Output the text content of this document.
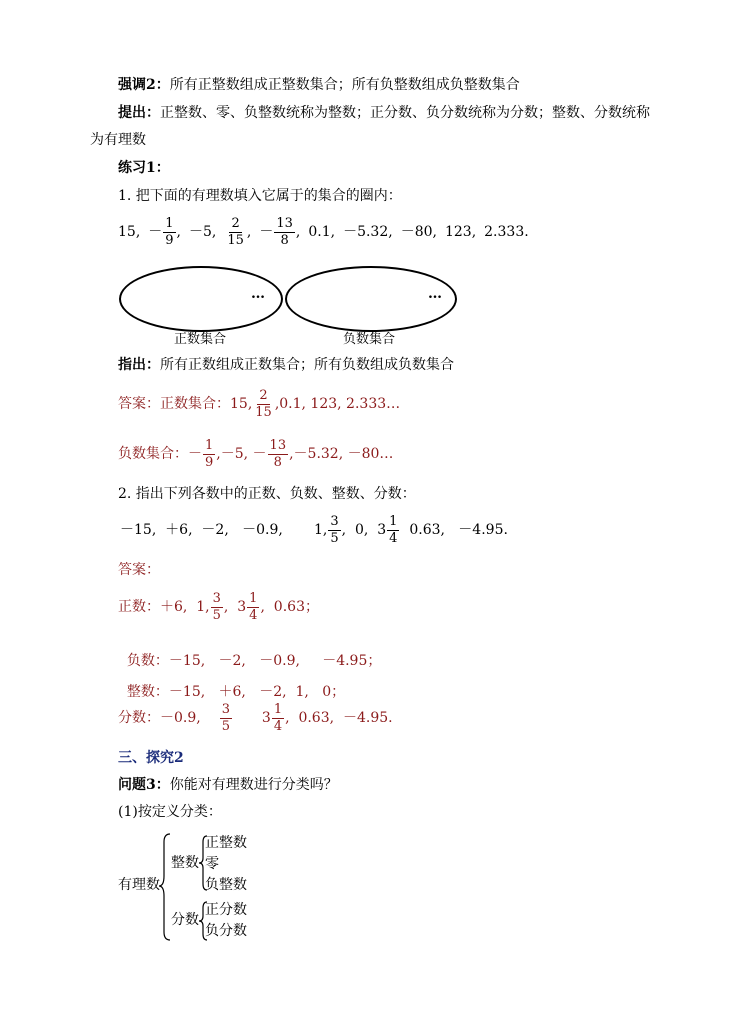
强调2：所有正整数组成正整数集合；所有负整数组成负整数集合
提出：正整数、零、负整数统称为整数；正分数、负分数统称为分数；整数、分数统称
为有理数
练习1：
1. 把下面的有理数填入它属于的集合的圈内：
15, － $\frac{1}{9}$ , －5, $\frac{2}{15}$ , － $\frac{13}{8}$ , 0.1, －5.32, －80, 123, 2.333.
…	…
正数集合	负数集合
指出：所有正数组成正数集合；所有负数组成负数集合
答案：正数集合： 15, $\frac{2}{15} ,0.1$, 123, 2.333…
负数集合： － $\frac{1}{9} ,-5$, － $\frac{13}{8} ,-5.32$, －80…
2. 指出下列各数中的正数、负数、整数、分数：
－15,  ＋6,  －2,   －0.9,       1, $\frac{3}{5}$ ,  0,  $3 \frac{1}{4} 0.63$,   －4.95.
答案：
正数： ＋6,  1, $\frac{3}{5}$ ,  $3 \frac{1}{4}$ ,  0.63；

负数：－15,   －2,   －0.9,     －4.95；

整数：－15,   ＋6,   －2,  1,   0；

分数： －0.9, $\frac{3}{5} 3 \frac{1}{4}$ ,  0.63,  －4.95.
三、探究2
问题3：你能对有理数进行分类吗？
(1)按定义分类：
有理数
整数
正整数
零
负整数
分数
正分数
负分数
